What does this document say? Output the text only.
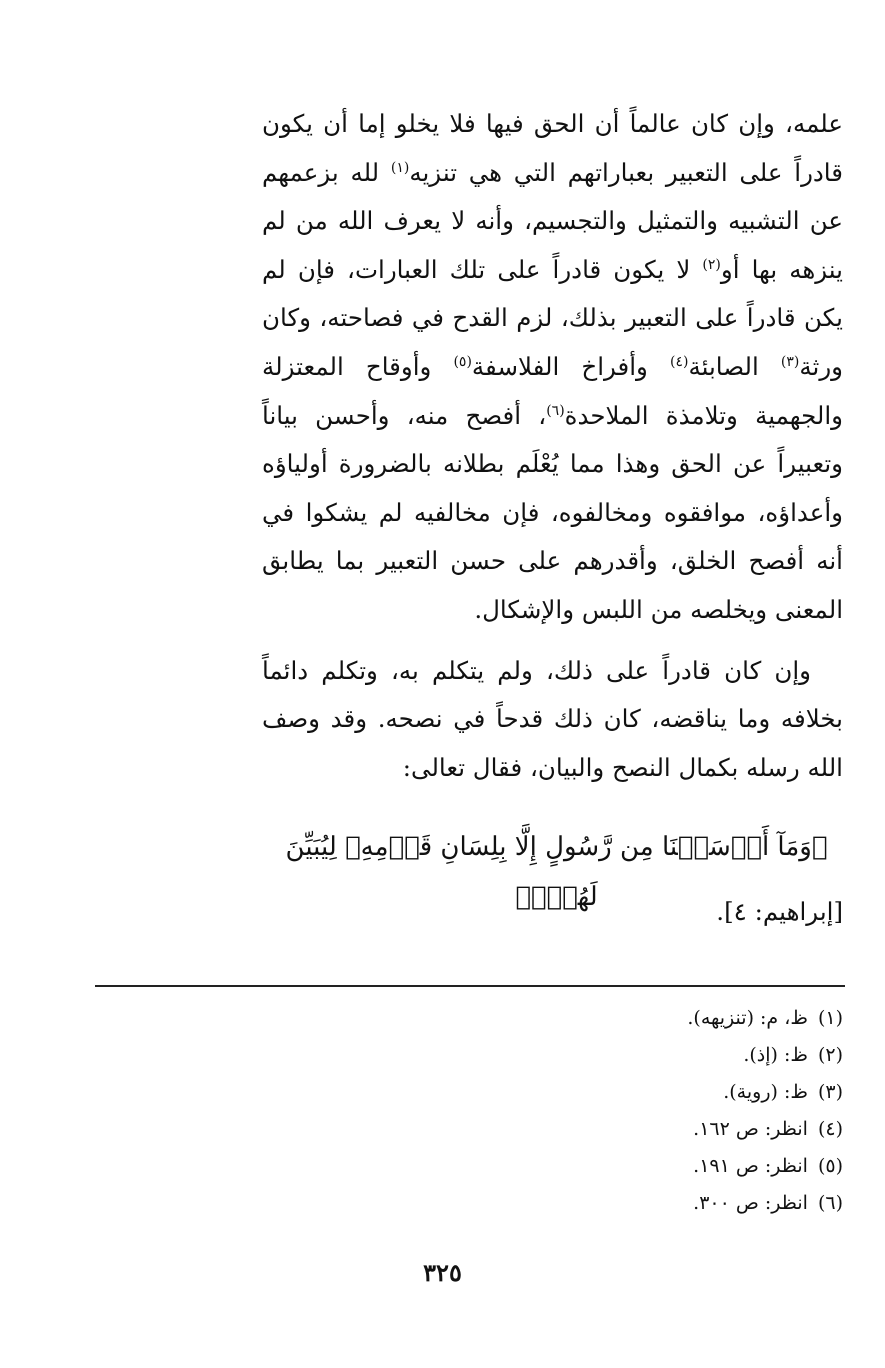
علمه، وإن كان عالماً أن الحق فيها فلا يخلو إما أن يكون قادراً على التعبير بعباراتهم التي هي تنزيه$^{(١)}$ لله بزعمهم عن التشبيه والتمثيل والتجسيم، وأنه لا يعرف الله من لم ينزهه بها أو$^{(٢)}$ لا يكون قادراً على تلك العبارات، فإن لم يكن قادراً على التعبير بذلك، لزم القدح في فصاحته، وكان ورثة$^{(٣)}$ الصابئة$^{(٤)}$ وأفراخ الفلاسفة$^{(٥)}$ وأوقاح المعتزلة والجهمية وتلامذة الملاحدة$^{(٦)}$، أفصح منه، وأحسن بياناً وتعبيراً عن الحق وهذا مما يُعْلَم بطلانه بالضرورة أولياؤه وأعداؤه، موافقوه ومخالفوه، فإن مخالفيه لم يشكوا في أنه أفصح الخلق، وأقدرهم على حسن التعبير بما يطابق المعنى ويخلصه من اللبس والإشكال.

وإن كان قادراً على ذلك، ولم يتكلم به، وتكلم دائماً بخلافه وما يناقضه، كان ذلك قدحاً في نصحه. وقد وصف الله رسله بكمال النصح والبيان، فقال تعالى:

﴿وَمَآ أَرۡسَلۡنَا مِن رَّسُولٍ إِلَّا بِلِسَانِ قَوۡمِهِۦ لِيُبَيِّنَ لَهُمۡۖ﴾	[إبراهيم: ٤].
(١)ظ، م: (تنزيهه).
(٢)ظ: (إذ).
(٣)ظ: (روية).
(٤)انظر: ص ١٦٢.
(٥)انظر: ص ١٩١.
(٦)انظر: ص ٣٠٠.
٣٢٥
